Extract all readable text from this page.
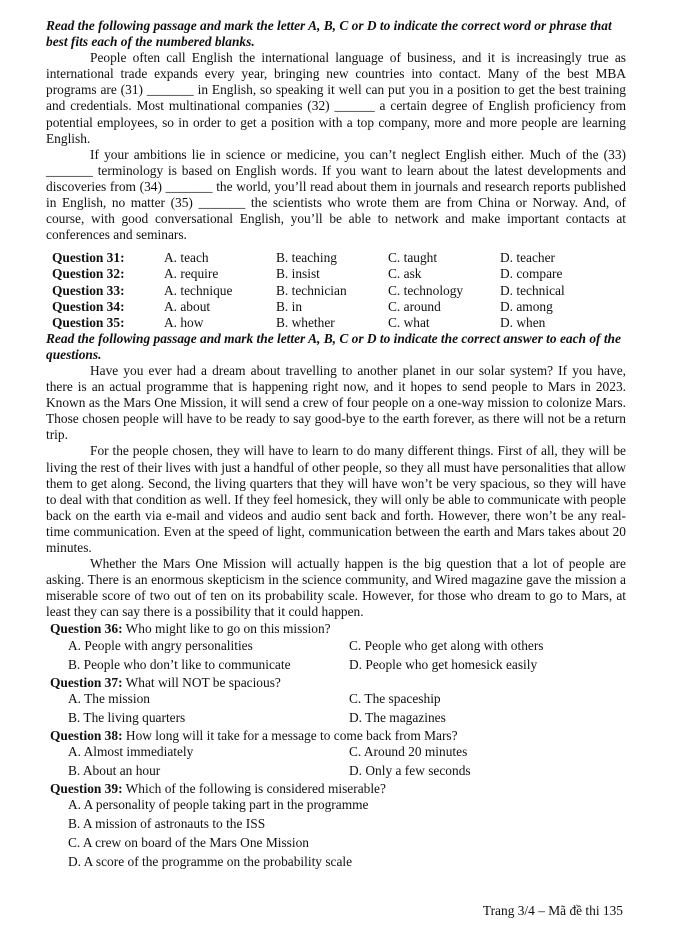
Read the following passage and mark the letter A, B, C or D to indicate the correct word or phrase that best fits each of the numbered blanks.

People often call English the international language of business, and it is increasingly true as international trade expands every year, bringing new countries into contact. Many of the best MBA programs are (31) _______ in English, so speaking it well can put you in a position to get the best training and credentials. Most multinational companies (32) ______ a certain degree of English proficiency from potential employees, so in order to get a position with a top company, more and more people are learning English.

If your ambitions lie in science or medicine, you can’t neglect English either. Much of the (33) _______ terminology is based on English words. If you want to learn about the latest developments and discoveries from (34) _______ the world, you’ll read about them in journals and research reports published in English, no matter (35) _______ the scientists who wrote them are from China or Norway. And, of course, with good conversational English, you’ll be able to network and make important contacts at conferences and seminars.

Question 31:	A. teach	B. teaching	C. taught	D. teacher
Question 32:	A. require	B. insist	C. ask	D. compare
Question 33:	A. technique	B. technician	C. technology	D. technical
Question 34:	A. about	B. in	C. around	D. among
Question 35:	A. how	B. whether	C. what	D. when

Read the following passage and mark the letter A, B, C or D to indicate the correct answer to each of the questions.

Have you ever had a dream about travelling to another planet in our solar system? If you have, there is an actual programme that is happening right now, and it hopes to send people to Mars in 2023. Known as the Mars One Mission, it will send a crew of four people on a one-way mission to colonize Mars. Those chosen people will have to be ready to say good-bye to the earth forever, as there will not be a return trip.

For the people chosen, they will have to learn to do many different things. First of all, they will be living the rest of their lives with just a handful of other people, so they all must have personalities that allow them to get along. Second, the living quarters that they will have won’t be very spacious, so they will have to deal with that condition as well. If they feel homesick, they will only be able to communicate with people back on the earth via e-mail and videos and audio sent back and forth. However, there won’t be any real-time communication. Even at the speed of light, communication between the earth and Mars takes about 20 minutes.

Whether the Mars One Mission will actually happen is the big question that a lot of people are asking. There is an enormous skepticism in the science community, and Wired magazine gave the mission a miserable score of two out of ten on its probability scale. However, for those who dream to go to Mars, at least they can say there is a possibility that it could happen.

Question 36: Who might like to go on this mission?

A. People with angry personalities	C. People who get along with others
B. People who don’t like to communicate	D. People who get homesick easily

Question 37: What will NOT be spacious?

A. The mission	C. The spaceship
B. The living quarters	D. The magazines

Question 38: How long will it take for a message to come back from Mars?

A. Almost immediately	C. Around 20 minutes
B. About an hour	D. Only a few seconds

Question 39: Which of the following is considered miserable?

A. A personality of people taking part in the programme
B. A mission of astronauts to the ISS
C. A crew on board of the Mars One Mission
D. A score of the programme on the probability scale
Trang 3/4 – Mã đề thi 135
